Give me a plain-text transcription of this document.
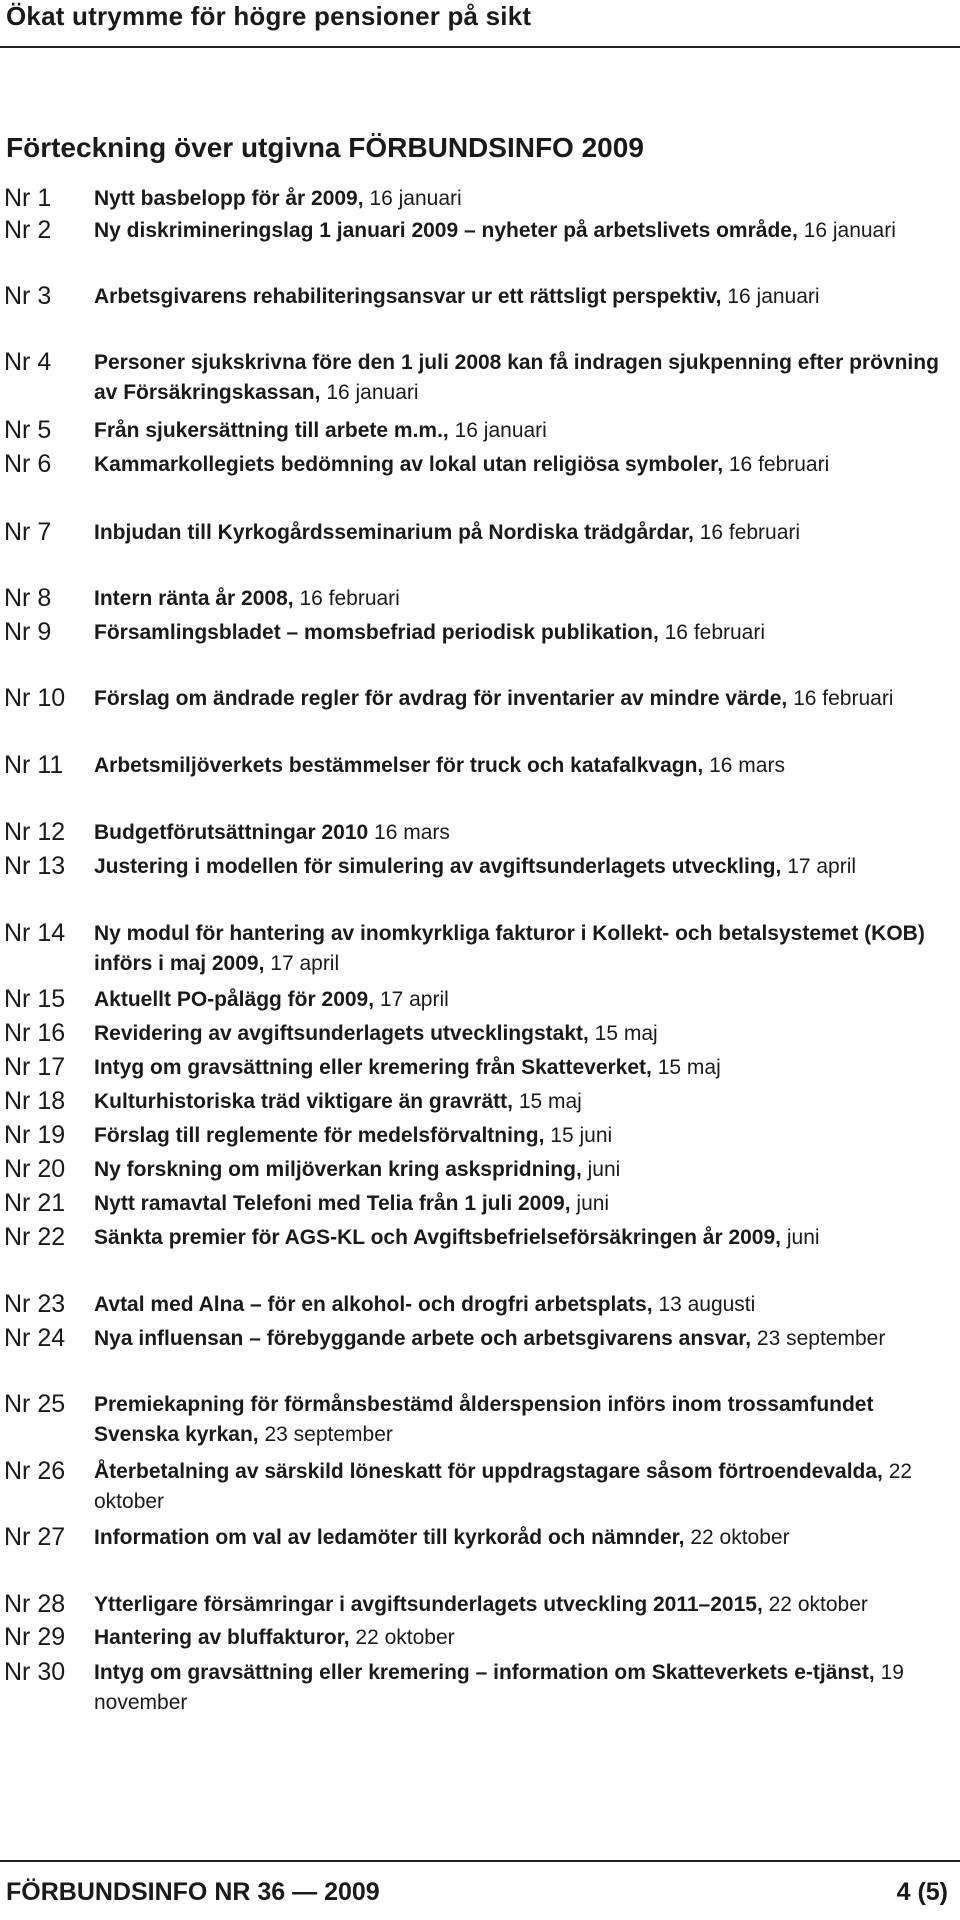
Ökat utrymme för högre pensioner på sikt
Förteckning över utgivna FÖRBUNDSINFO 2009
Nr 1 Nytt basbelopp för år 2009, 16 januari
Nr 2 Ny diskrimineringslag 1 januari 2009 – nyheter på arbetslivets område, 16 januari
Nr 3 Arbetsgivarens rehabiliteringsansvar ur ett rättsligt perspektiv, 16 januari
Nr 4 Personer sjukskrivna före den 1 juli 2008 kan få indragen sjukpenning efter prövning av Försäkringskassan, 16 januari
Nr 5 Från sjukersättning till arbete m.m., 16 januari
Nr 6 Kammarkollegiets bedömning av lokal utan religiösa symboler, 16 februari
Nr 7 Inbjudan till Kyrkogårdsseminarium på Nordiska trädgårdar, 16 februari
Nr 8 Intern ränta år 2008, 16 februari
Nr 9 Församlingsbladet – momsbefriad periodisk publikation, 16 februari
Nr 10 Förslag om ändrade regler för avdrag för inventarier av mindre värde, 16 februari
Nr 11 Arbetsmiljöverkets bestämmelser för truck och katafalkvagn, 16 mars
Nr 12 Budgetförutsättningar 2010 16 mars
Nr 13 Justering i modellen för simulering av avgiftsunderlagets utveckling, 17 april
Nr 14 Ny modul för hantering av inomkyrkliga fakturor i Kollekt- och betalsystemet (KOB) införs i maj 2009, 17 april
Nr 15 Aktuellt PO-pålägg för 2009, 17 april
Nr 16 Revidering av avgiftsunderlagets utvecklingstakt, 15 maj
Nr 17 Intyg om gravsättning eller kremering från Skatteverket, 15 maj
Nr 18 Kulturhistoriska träd viktigare än gravrätt, 15 maj
Nr 19 Förslag till reglemente för medelsförvaltning, 15 juni
Nr 20 Ny forskning om miljöverkan kring askspridning, juni
Nr 21 Nytt ramavtal Telefoni med Telia från 1 juli 2009, juni
Nr 22 Sänkta premier för AGS-KL och Avgiftsbefrielseförsäkringen år 2009, juni
Nr 23 Avtal med Alna – för en alkohol- och drogfri arbetsplats, 13 augusti
Nr 24 Nya influensan – förebyggande arbete och arbetsgivarens ansvar, 23 september
Nr 25 Premiekapning för förmånsbestämd ålderspension införs inom trossamfundet Svenska kyrkan, 23 september
Nr 26 Återbetalning av särskild löneskatt för uppdragstagare såsom förtroendevalda, 22 oktober
Nr 27 Information om val av ledamöter till kyrkoråd och nämnder, 22 oktober
Nr 28 Ytterligare försämringar i avgiftsunderlagets utveckling 2011–2015, 22 oktober
Nr 29 Hantering av bluffakturor, 22 oktober
Nr 30 Intyg om gravsättning eller kremering – information om Skatteverkets e-tjänst, 19 november
FÖRBUNDSINFO NR 36 — 2009	4 (5)
